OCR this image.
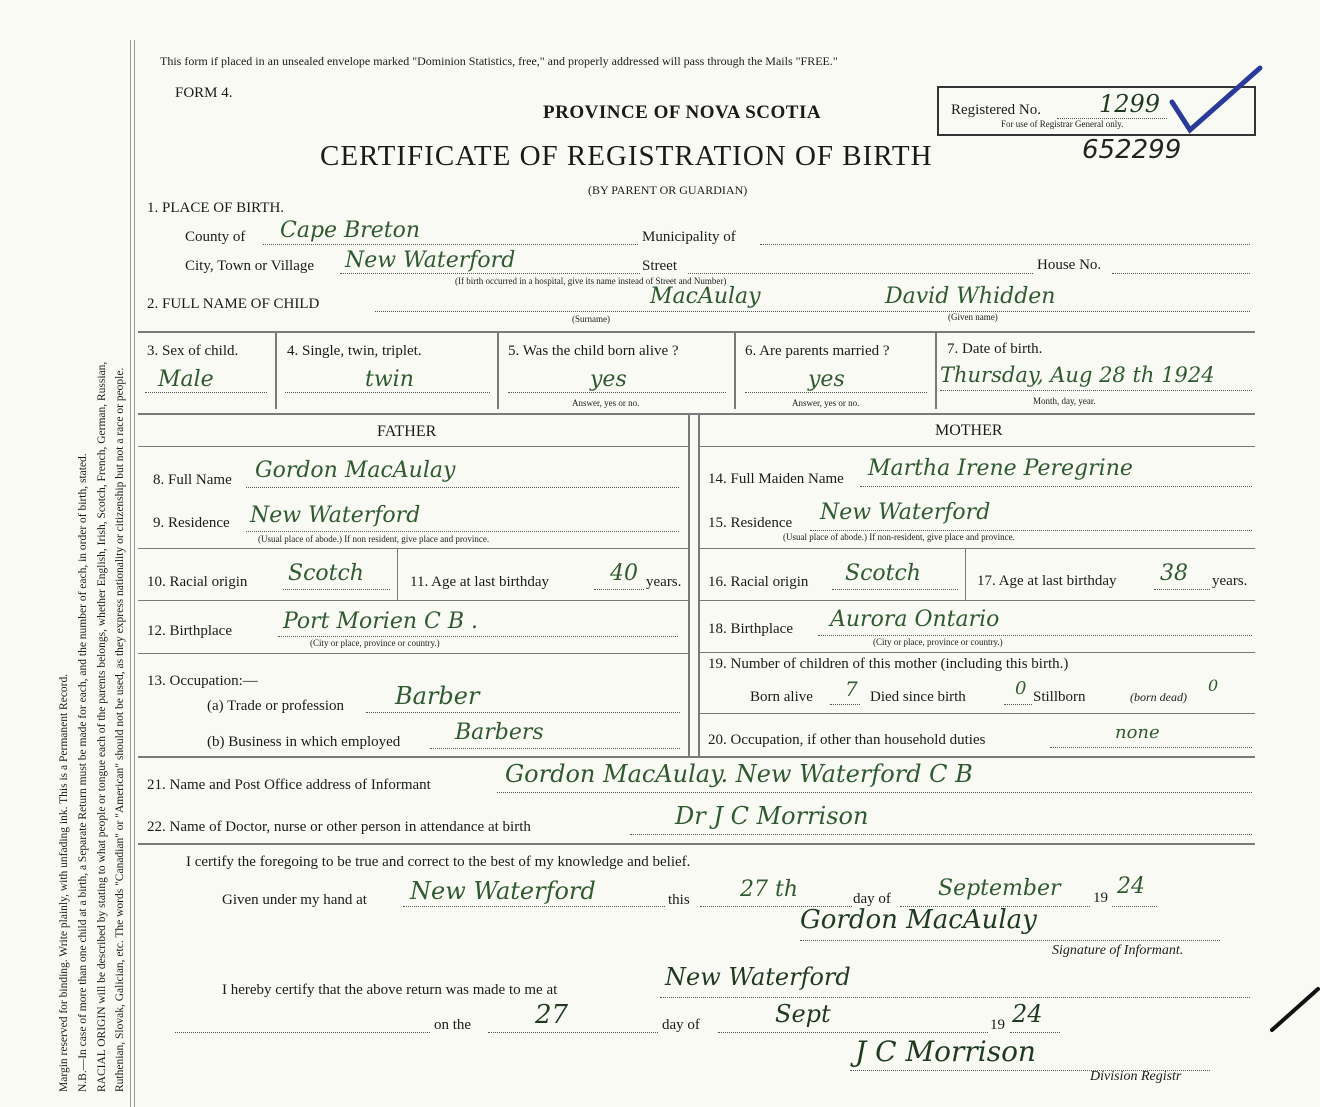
Margin reserved for binding. Write plainly, with unfading ink. This is a Permanent Record. N.B.—In case of more than one child at a birth, a Separate Return must be made for each, and the number of each, in order of birth, stated. RACIAL ORIGIN will be described by stating to what people or tongue each of the parents belongs, whether English, Irish, Scotch, French, German, Russian, Ruthenian, Slovak, Galician, etc. The words "Canadian" or "American" should not be used, as they express nationality or citizenship but not a race or people.
This form if placed in an unsealed envelope marked "Dominion Statistics, free," and properly addressed will pass through the Mails "FREE."
FORM 4.
PROVINCE OF NOVA SCOTIA
CERTIFICATE OF REGISTRATION OF BIRTH
(BY PARENT OR GUARDIAN)
Registered No. 1299
For use of Registrar General only.
652299
1. PLACE OF BIRTH.
County of Cape Breton	Municipality of
City, Town or Village New Waterford	Street	House No.
(If birth occurred in a hospital, give its name instead of Street and Number)
2. FULL NAME OF CHILD	MacAulay	David Whidden
(Surname)	(Given name)
3. Sex of child.
Male
4. Single, twin, triplet.
twin
5. Was the child born alive ?
yes
Answer, yes or no.
6. Are parents married ?
yes
Answer, yes or no.
7. Date of birth.
Thursday, Aug 28 th 1924
Month, day, year.
FATHER	MOTHER
8. Full Name Gordon MacAulay
9. Residence New Waterford
(Usual place of abode.) If non resident, give place and province.
10. Racial origin Scotch	11. Age at last birthday	40 years.
12. Birthplace Port Morien C B .
(City or place, province or country.)
13. Occupation:—
(a) Trade or profession Barber
(b) Business in which employed Barbers
14. Full Maiden Name Martha Irene Peregrine
15. Residence New Waterford
(Usual place of abode.) If non-resident, give place and province.
16. Racial origin Scotch	17. Age at last birthday 38 years.
18. Birthplace Aurora Ontario
(City or place, province or country.)
19. Number of children of this mother (including this birth.)
Born alive 7 Died since birth	0 Stillborn	(born dead)
0
20. Occupation, if other than household duties	none
21. Name and Post Office address of Informant	Gordon MacAulay. New Waterford C B
22. Name of Doctor, nurse or other person in attendance at birth	Dr J C Morrison
I certify the foregoing to be true and correct to the best of my knowledge and belief.
Given under my hand at New Waterford	this 27 th	day of September 19 24
Gordon MacAulay
Signature of Informant.
I hereby certify that the above return was made to me at	New Waterford
on the 27	day of	Sept	19 24
J C Morrison
Division Registr
